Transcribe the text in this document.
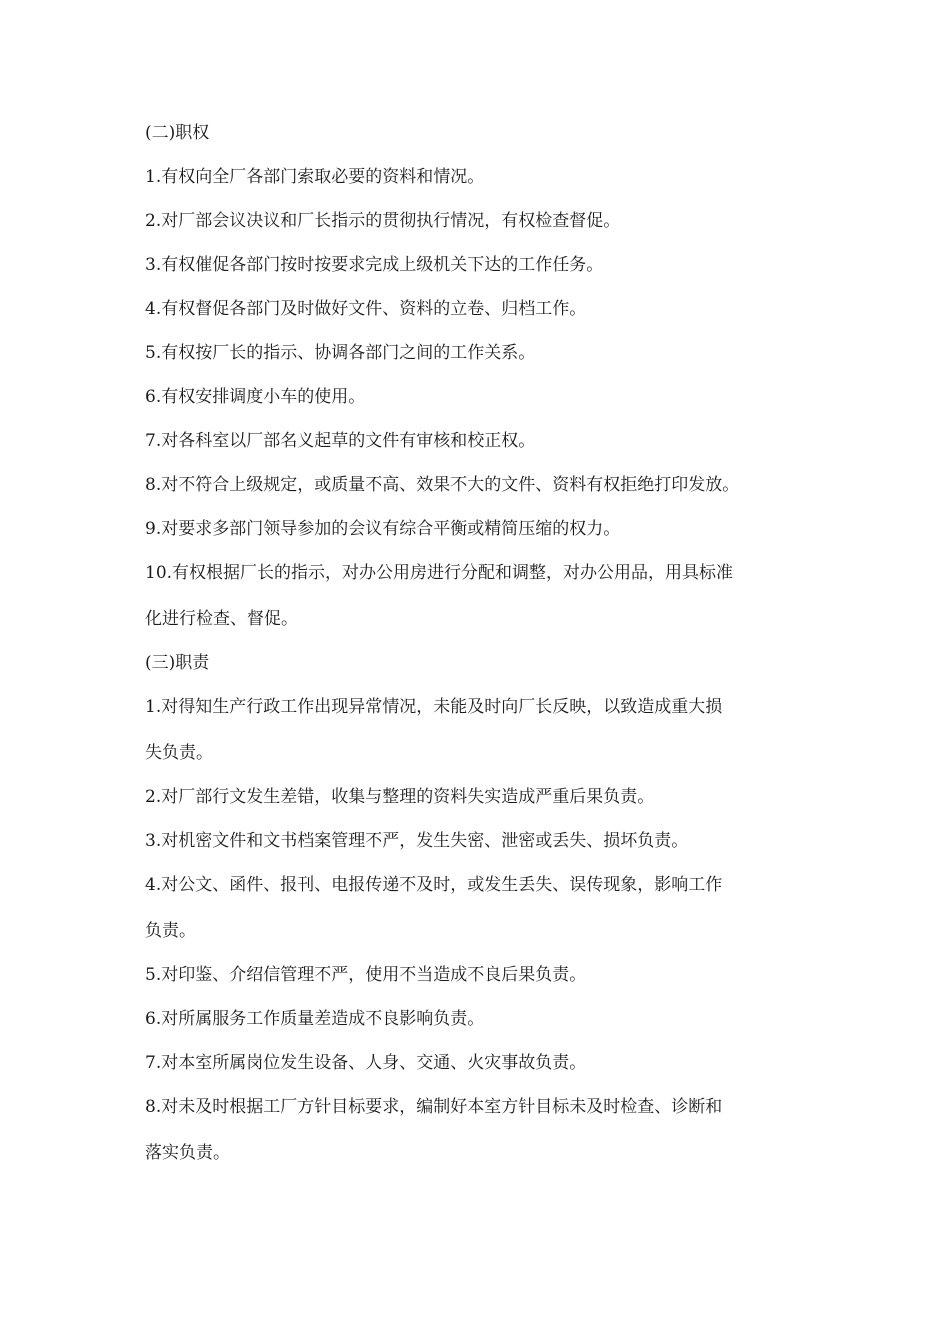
(二)职权

1.有权向全厂各部门索取必要的资料和情况。

2.对厂部会议决议和厂长指示的贯彻执行情况，有权检查督促。

3.有权催促各部门按时按要求完成上级机关下达的工作任务。

4.有权督促各部门及时做好文件、资料的立卷、归档工作。

5.有权按厂长的指示、协调各部门之间的工作关系。

6.有权安排调度小车的使用。

7.对各科室以厂部名义起草的文件有审核和校正权。

8.对不符合上级规定，或质量不高、效果不大的文件、资料有权拒绝打印发放。

9.对要求多部门领导参加的会议有综合平衡或精简压缩的权力。

10.有权根据厂长的指示，对办公用房进行分配和调整，对办公用品，用具标准

化进行检查、督促。

(三)职责

1.对得知生产行政工作出现异常情况，未能及时向厂长反映，以致造成重大损

失负责。

2.对厂部行文发生差错，收集与整理的资料失实造成严重后果负责。

3.对机密文件和文书档案管理不严，发生失密、泄密或丢失、损坏负责。

4.对公文、函件、报刊、电报传递不及时，或发生丢失、误传现象，影响工作

负责。

5.对印鉴、介绍信管理不严，使用不当造成不良后果负责。

6.对所属服务工作质量差造成不良影响负责。

7.对本室所属岗位发生设备、人身、交通、火灾事故负责。

8.对未及时根据工厂方针目标要求，编制好本室方针目标未及时检查、诊断和

落实负责。
